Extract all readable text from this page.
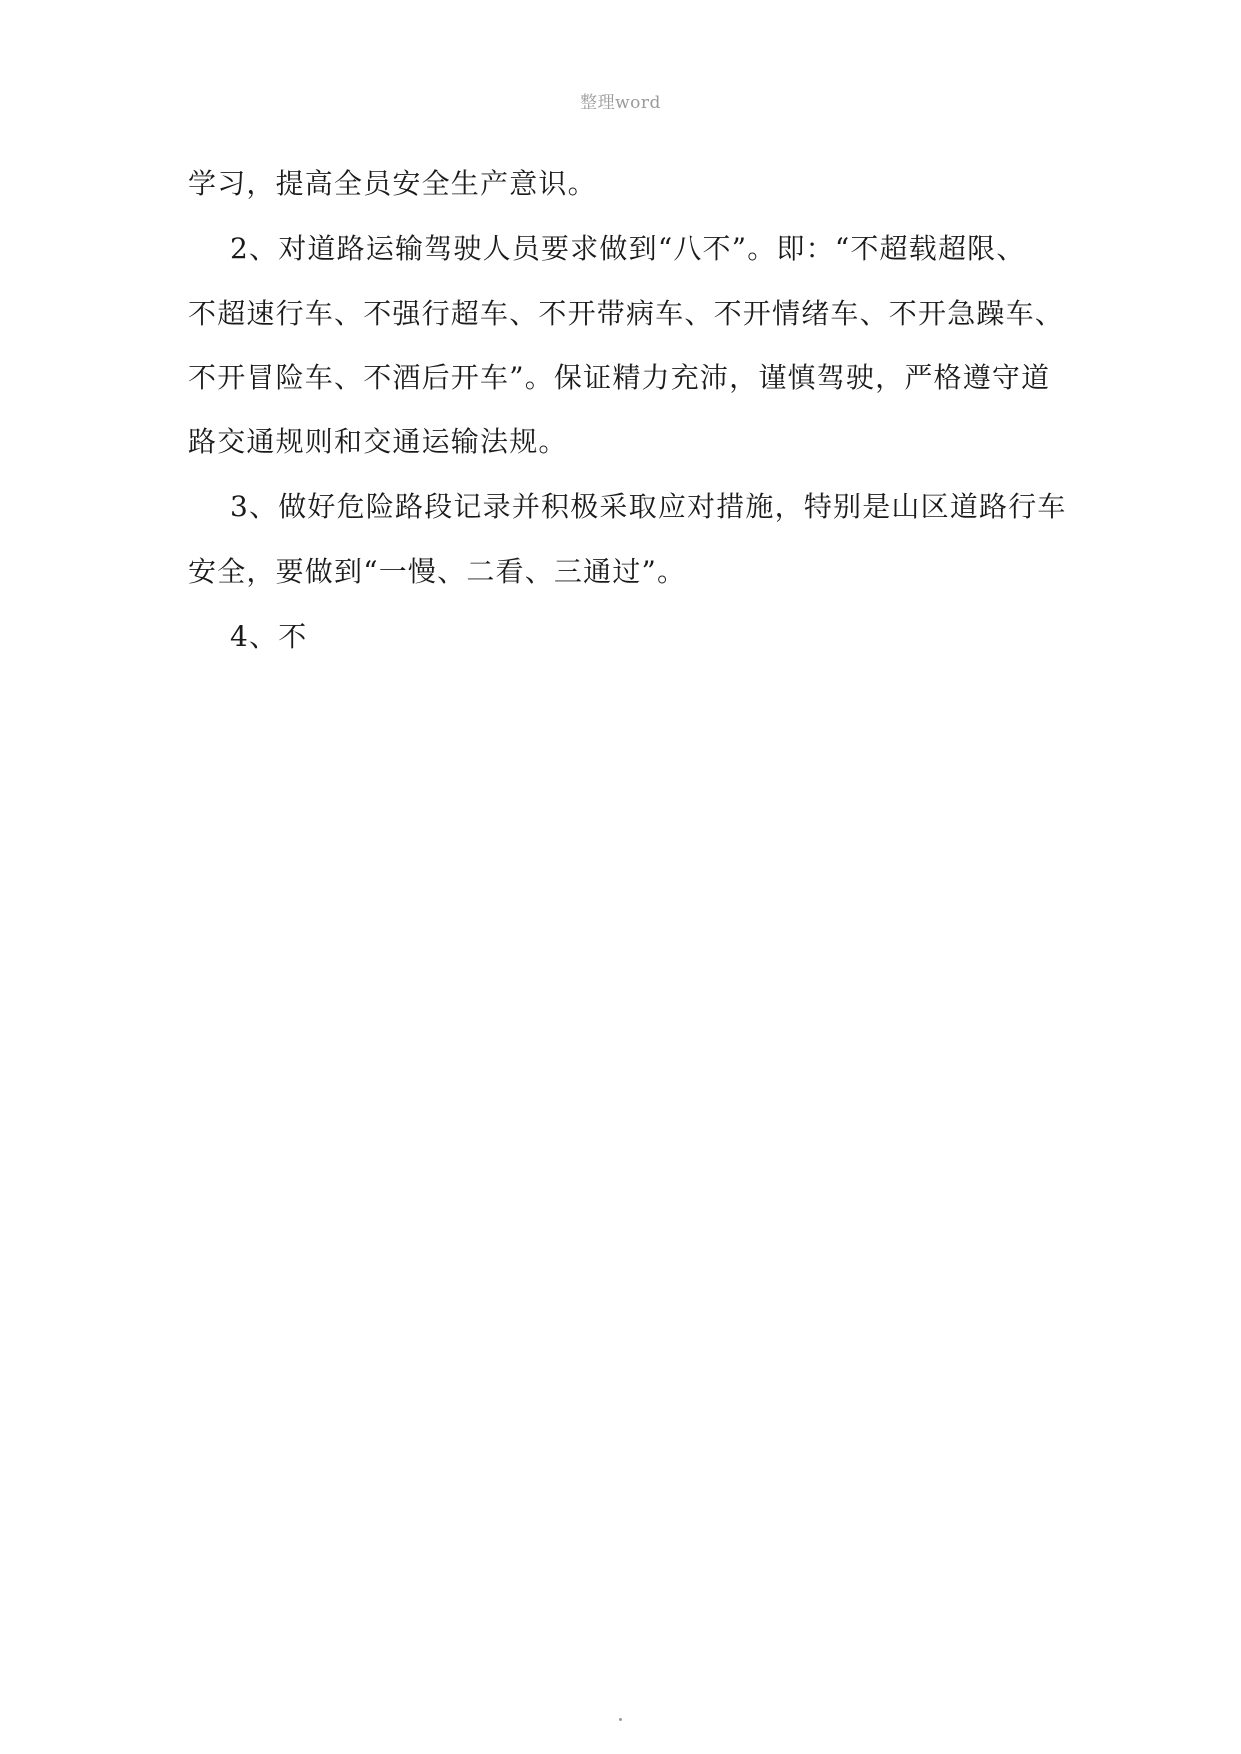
整理word
学习，提高全员安全生产意识。
2、对道路运输驾驶人员要求做到“八不”。即：“不超载超限、
不超速行车、不强行超车、不开带病车、不开情绪车、不开急躁车、
不开冒险车、不酒后开车”。保证精力充沛，谨慎驾驶，严格遵守道
路交通规则和交通运输法规。
3、做好危险路段记录并积极采取应对措施，特别是山区道路行车
安全，要做到“一慢、二看、三通过”。
4、不
